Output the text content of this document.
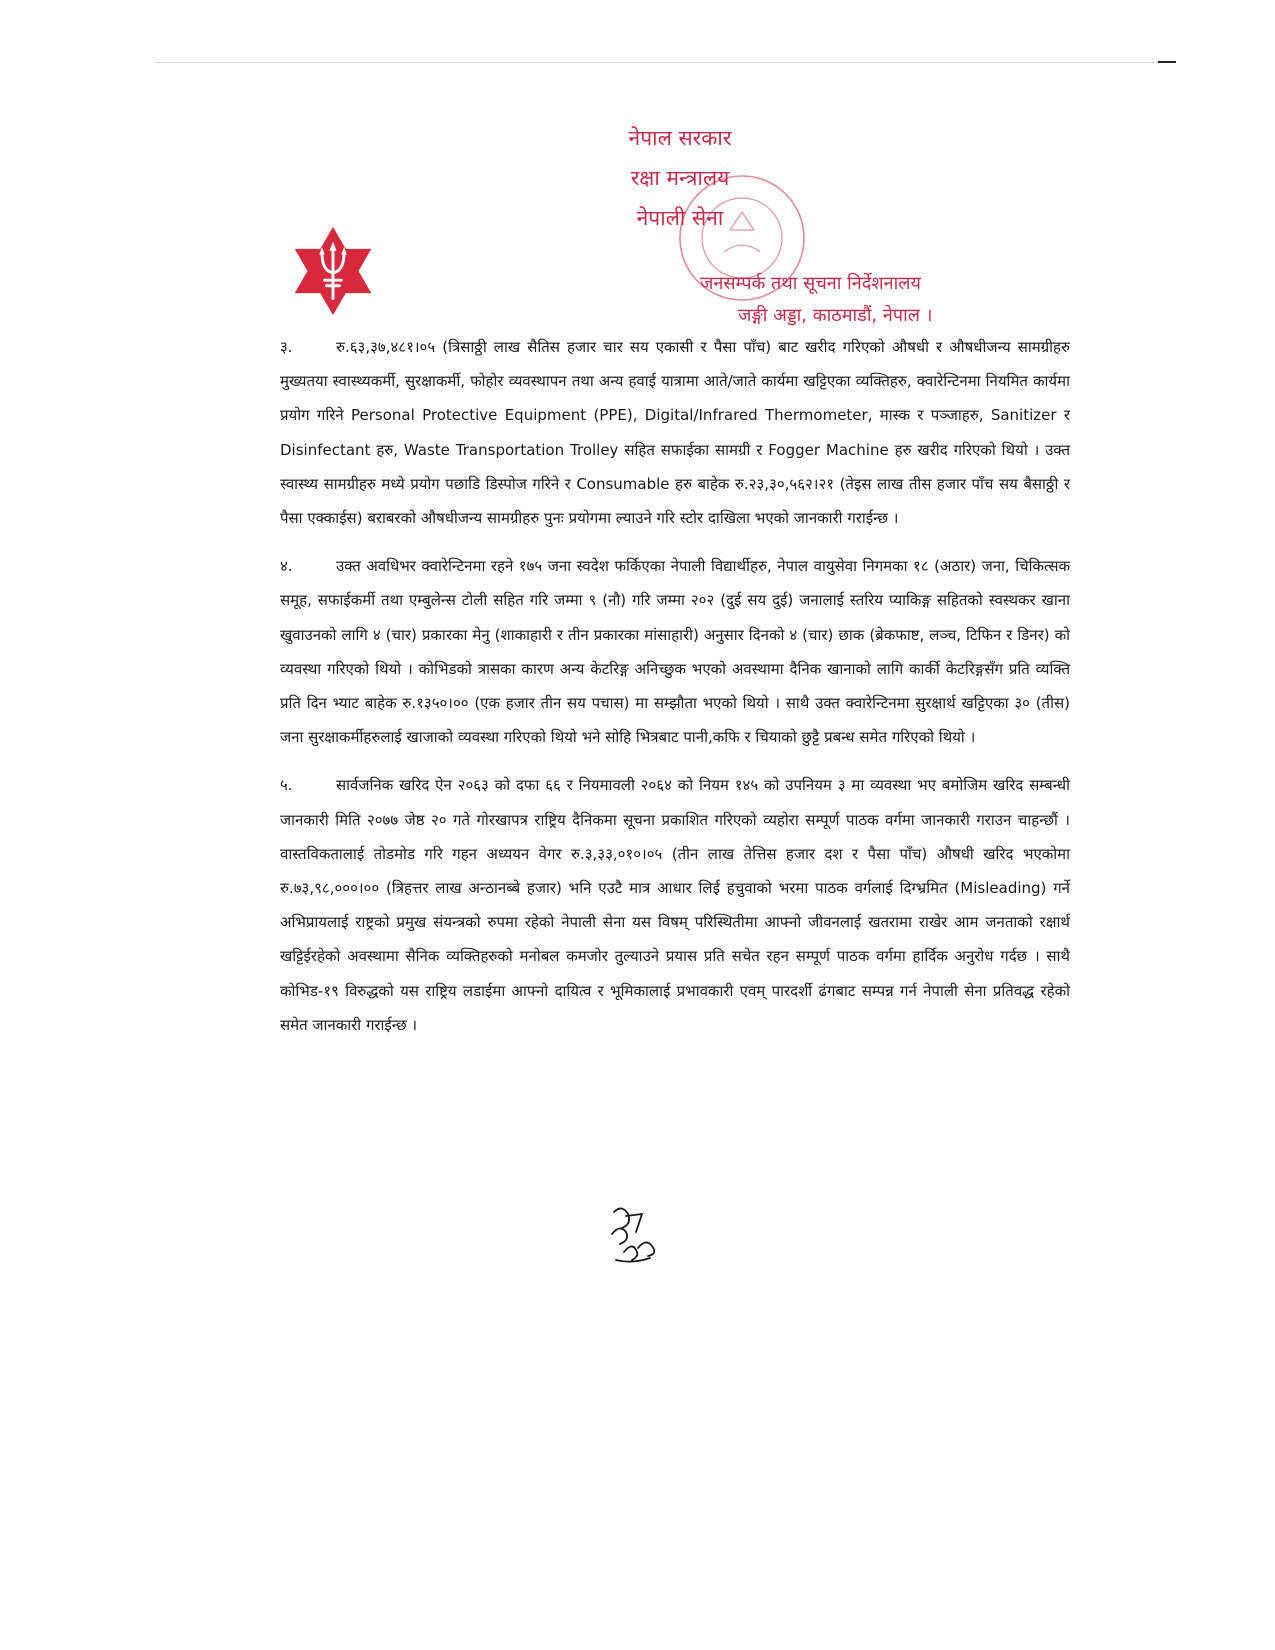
नेपाल सरकार
रक्षा मन्त्रालय
नेपाली सेना
जनसम्पर्क तथा सूचना निर्देशनालय
जङ्गी अड्डा, काठमाडौं, नेपाल ।

३.	रु.६३,३७,४८१।०५ (त्रिसाठ्ठी लाख सैतिस हजार चार सय एकासी र पैसा पाँच) बाट खरीद गरिएको औषधी र औषधीजन्य सामग्रीहरु मुख्यतया स्वास्थ्यकर्मी, सुरक्षाकर्मी, फोहोर व्यवस्थापन तथा अन्य हवाई यात्रामा आते/जाते कार्यमा खट्टिएका व्यक्तिहरु, क्वारेन्टिनमा नियमित कार्यमा प्रयोग गरिने Personal Protective Equipment (PPE), Digital/Infrared Thermometer, मास्क र पञ्जाहरु, Sanitizer र Disinfectant हरु, Waste Transportation Trolley सहित सफाईका सामग्री र Fogger Machine हरु खरीद गरिएको थियो । उक्त स्वास्थ्य सामग्रीहरु मध्ये प्रयोग पछाडि डिस्पोज गरिने र Consumable हरु बाहेक रु.२३,३०,५६२।२१ (तेइस लाख तीस हजार पाँच सय बैसाठ्ठी र पैसा एक्काईस) बराबरको औषधीजन्य सामग्रीहरु पुनः प्रयोगमा ल्याउने गरि स्टोर दाखिला भएको जानकारी गराईन्छ ।

४.	उक्त अवधिभर क्वारेन्टिनमा रहने १७५ जना स्वदेश फर्किएका नेपाली विद्यार्थीहरु, नेपाल वायुसेवा निगमका १८ (अठार) जना, चिकित्सक समूह, सफाईकर्मी तथा एम्बुलेन्स टोली सहित गरि जम्मा ९ (नौ) गरि जम्मा २०२ (दुई सय दुई) जनालाई स्तरिय प्याकिङ्ग सहितको स्वस्थकर खाना खुवाउनको लागि ४ (चार) प्रकारका मेनु (शाकाहारी र तीन प्रकारका मांसाहारी) अनुसार दिनको ४ (चार) छाक (ब्रेकफाष्ट, लञ्च, टिफिन र डिनर) को व्यवस्था गरिएको थियो । कोभिडको त्रासका कारण अन्य केटरिङ्ग अनिच्छुक भएको अवस्थामा दैनिक खानाको लागि कार्की केटरिङ्गसँग प्रति व्यक्ति प्रति दिन भ्याट बाहेक रु.१३५०।०० (एक हजार तीन सय पचास) मा सम्झौता भएको थियो । साथै उक्त क्वारेन्टिनमा सुरक्षार्थ खट्टिएका ३० (तीस) जना सुरक्षाकर्मीहरुलाई खाजाको व्यवस्था गरिएको थियो भने सोहि भित्रबाट पानी,कफि र चियाको छुट्टै प्रबन्ध समेत गरिएको थियो ।

५.	सार्वजनिक खरिद ऐन २०६३ को दफा ६६ र नियमावली २०६४ को नियम १४५ को उपनियम ३ मा व्यवस्था भए बमोजिम खरिद सम्बन्धी जानकारी मिति २०७७ जेष्ठ २० गते गोरखापत्र राष्ट्रिय दैनिकमा सूचना प्रकाशित गरिएको व्यहोरा सम्पूर्ण पाठक वर्गमा जानकारी गराउन चाहन्छौं । वास्तविकतालाई तोडमोड गरि गहन अध्ययन वेगर रु.३,३३,०१०।०५ (तीन लाख तेत्तिस हजार दश र पैसा पाँच) औषधी खरिद भएकोमा रु.७३,९८,०००।०० (त्रिहत्तर लाख अन्ठानब्बे हजार) भनि एउटै मात्र आधार लिई हचुवाको भरमा पाठक वर्गलाई दिग्भ्रमित (Misleading) गर्ने अभिप्रायलाई राष्ट्रको प्रमुख संयन्त्रको रुपमा रहेको नेपाली सेना यस विषम् परिस्थितीमा आफ्नो जीवनलाई खतरामा राखेर आम जनताको रक्षार्थ खट्टिईरहेको अवस्थामा सैनिक व्यक्तिहरुको मनोबल कमजोर तुल्याउने प्रयास प्रति सचेत रहन सम्पूर्ण पाठक वर्गमा हार्दिक अनुरोध गर्दछ । साथै कोभिड-१९ विरुद्धको यस राष्ट्रिय लडाईमा आफ्नो दायित्व र भूमिकालाई प्रभावकारी एवम् पारदर्शी ढंगबाट सम्पन्न गर्न नेपाली सेना प्रतिवद्ध रहेको समेत जानकारी गराईन्छ ।
